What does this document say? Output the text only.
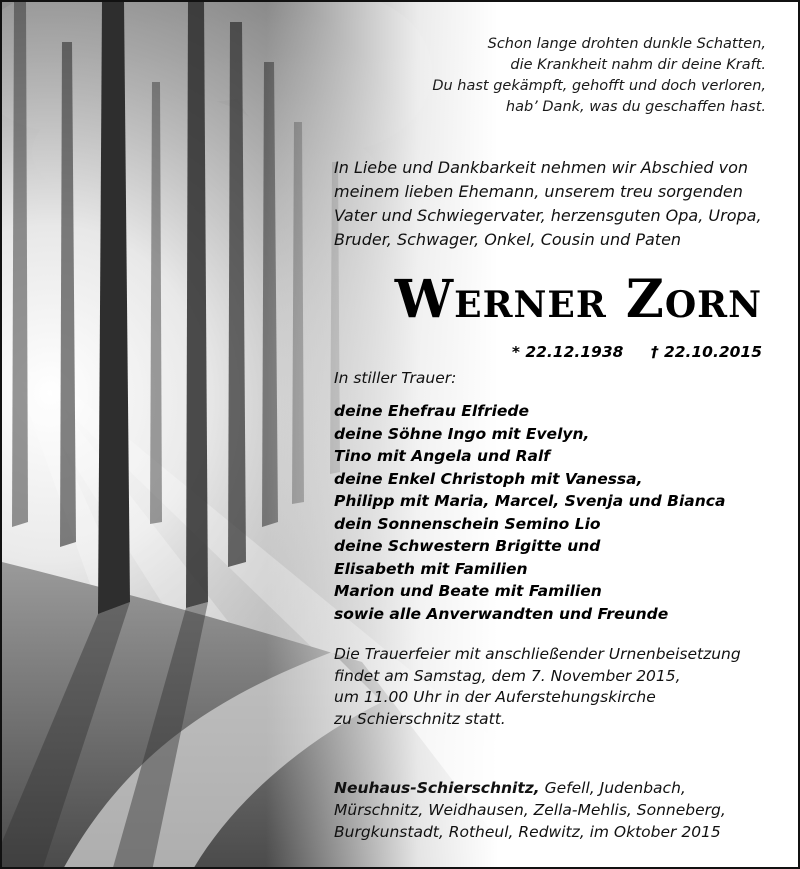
Schon lange drohten dunkle Schatten,
die Krankheit nahm dir deine Kraft.
Du hast gekämpft, gehofft und doch verloren,
hab’ Dank, was du geschaffen hast.
In Liebe und Dankbarkeit nehmen wir Abschied von
meinem lieben Ehemann, unserem treu sorgenden
Vater und Schwiegervater, herzensguten Opa, Uropa,
Bruder, Schwager, Onkel, Cousin und Paten
Werner Zorn
* 22.12.1938 † 22.10.2015
In stiller Trauer:
deine Ehefrau Elfriede
deine Söhne Ingo mit Evelyn,
Tino mit Angela und Ralf
deine Enkel Christoph mit Vanessa,
Philipp mit Maria, Marcel, Svenja und Bianca
dein Sonnenschein Semino Lio
deine Schwestern Brigitte und
Elisabeth mit Familien
Marion und Beate mit Familien
sowie alle Anverwandten und Freunde
Die Trauerfeier mit anschließender Urnenbeisetzung
findet am Samstag, dem 7. November 2015,
um 11.00 Uhr in der Auferstehungskirche
zu Schierschnitz statt.
Neuhaus-Schierschnitz, Gefell, Judenbach,
Mürschnitz, Weidhausen, Zella-Mehlis, Sonneberg,
Burgkunstadt, Rotheul, Redwitz, im Oktober 2015
